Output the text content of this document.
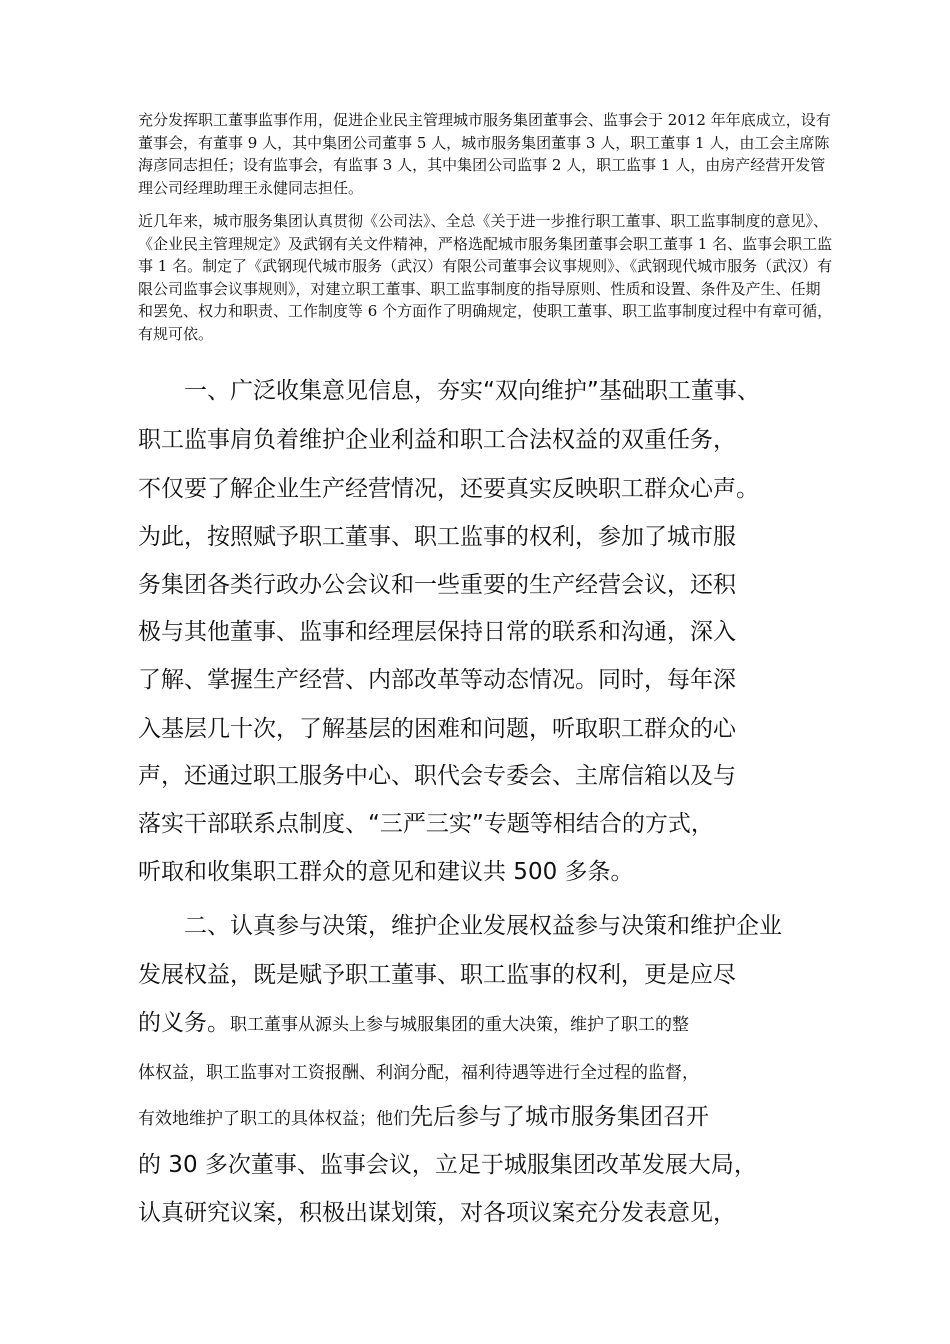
充分发挥职工董事监事作用，促进企业民主管理城市服务集团董事会、监事会于 2012 年年底成立，设有董事会，有董事 9 人，其中集团公司董事 5 人，城市服务集团董事 3 人，职工董事 1 人，由工会主席陈海彦同志担任；设有监事会，有监事 3 人，其中集团公司监事 2 人，职工监事 1 人，由房产经营开发管理公司经理助理王永健同志担任。

近几年来，城市服务集团认真贯彻《公司法》、全总《关于进一步推行职工董事、职工监事制度的意见》、《企业民主管理规定》及武钢有关文件精神，严格选配城市服务集团董事会职工董事 1 名、监事会职工监事 1 名。制定了《武钢现代城市服务（武汉）有限公司董事会议事规则》、《武钢现代城市服务（武汉）有限公司监事会议事规则》，对建立职工董事、职工监事制度的指导原则、性质和设置、条件及产生、任期和罢免、权力和职责、工作制度等 6 个方面作了明确规定，使职工董事、职工监事制度过程中有章可循，有规可依。

一、广泛收集意见信息，夯实“双向维护”基础职工董事、
职工监事肩负着维护企业利益和职工合法权益的双重任务，
不仅要了解企业生产经营情况，还要真实反映职工群众心声。
为此，按照赋予职工董事、职工监事的权利，参加了城市服
务集团各类行政办公会议和一些重要的生产经营会议，还积
极与其他董事、监事和经理层保持日常的联系和沟通，深入
了解、掌握生产经营、内部改革等动态情况。同时，每年深
入基层几十次，了解基层的困难和问题，听取职工群众的心
声，还通过职工服务中心、职代会专委会、主席信箱以及与
落实干部联系点制度、“三严三实”专题等相结合的方式，
听取和收集职工群众的意见和建议共 500 多条。
二、认真参与决策，维护企业发展权益参与决策和维护企业
发展权益，既是赋予职工董事、职工监事的权利，更是应尽
的义务。职工董事从源头上参与城服集团的重大决策，维护了职工的整
体权益，职工监事对工资报酬、利润分配，福利待遇等进行全过程的监督，
有效地维护了职工的具体权益；他们先后参与了城市服务集团召开
的 30 多次董事、监事会议，立足于城服集团改革发展大局，
认真研究议案，积极出谋划策，对各项议案充分发表意见，
